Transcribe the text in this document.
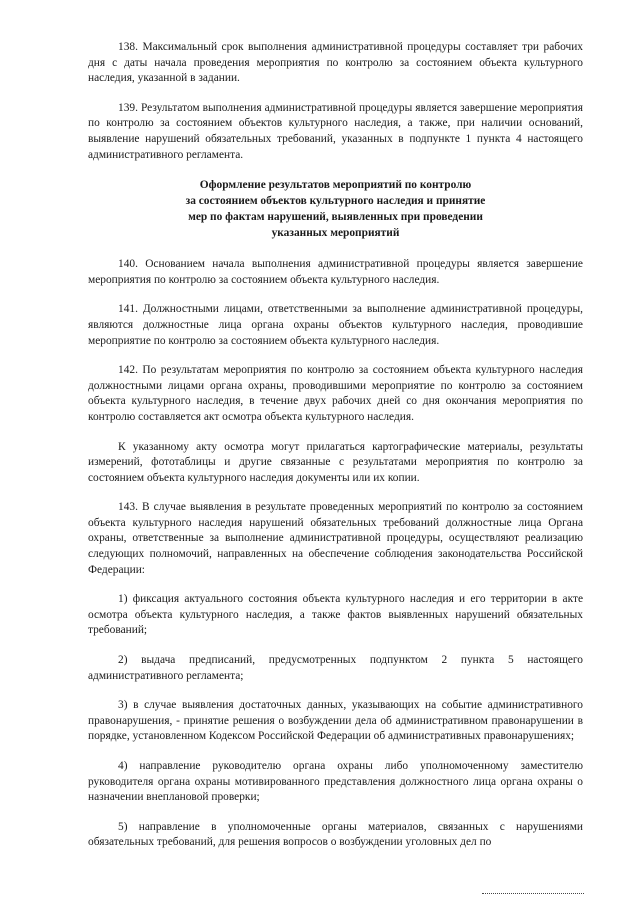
138. Максимальный срок выполнения административной процедуры составляет три рабочих дня с даты начала проведения мероприятия по контролю за состоянием объекта культурного наследия, указанной в задании.

139. Результатом выполнения административной процедуры является завершение мероприятия по контролю за состоянием объектов культурного наследия, а также, при наличии оснований, выявление нарушений обязательных требований, указанных в подпункте 1 пункта 4 настоящего административного регламента.

Оформление результатов мероприятий по контролю
за состоянием объектов культурного наследия и принятие
мер по фактам нарушений, выявленных при проведении
указанных мероприятий

140. Основанием начала выполнения административной процедуры является завершение мероприятия по контролю за состоянием объекта культурного наследия.

141. Должностными лицами, ответственными за выполнение административной процедуры, являются должностные лица органа охраны объектов культурного наследия, проводившие мероприятие по контролю за состоянием объекта культурного наследия.

142. По результатам мероприятия по контролю за состоянием объекта культурного наследия должностными лицами органа охраны, проводившими мероприятие по контролю за состоянием объекта культурного наследия, в течение двух рабочих дней со дня окончания мероприятия по контролю составляется акт осмотра объекта культурного наследия.

К указанному акту осмотра могут прилагаться картографические материалы, результаты измерений, фототаблицы и другие связанные с результатами мероприятия по контролю за состоянием объекта культурного наследия документы или их копии.

143. В случае выявления в результате проведенных мероприятий по контролю за состоянием объекта культурного наследия нарушений обязательных требований должностные лица Органа охраны, ответственные за выполнение административной процедуры, осуществляют реализацию следующих полномочий, направленных на обеспечение соблюдения законодательства Российской Федерации:

1) фиксация актуального состояния объекта культурного наследия и его территории в акте осмотра объекта культурного наследия, а также фактов выявленных нарушений обязательных требований;

2) выдача предписаний, предусмотренных подпунктом 2 пункта 5 настоящего административного регламента;

3) в случае выявления достаточных данных, указывающих на событие административного правонарушения, - принятие решения о возбуждении дела об административном правонарушении в порядке, установленном Кодексом Российской Федерации об административных правонарушениях;

4) направление руководителю органа охраны либо уполномоченному заместителю руководителя органа охраны мотивированного представления должностного лица органа охраны о назначении внеплановой проверки;

5) направление в уполномоченные органы материалов, связанных с нарушениями обязательных требований, для решения вопросов о возбуждении уголовных дел по
